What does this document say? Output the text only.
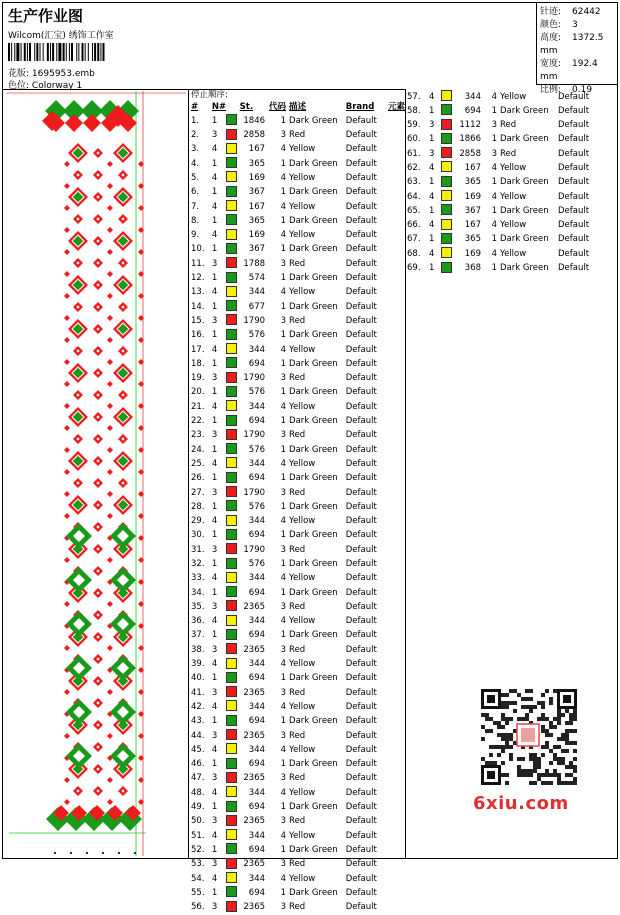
生产作业图
Wilcom(汇宝) 绣饰工作室
花版: 1695953.emb
色位: Colorway 1
针迹: 62442
颜色: 3
高度: 1372.5 mm
宽度: 192.4 mm
比例: 0.19
停止顺序:
#	N#		St.	代码	描述	Brand	元素
1.	1		1846	1	Dark Green	Default	
2.	3		2858	3	Red	Default	
3.	4		167	4	Yellow	Default	
4.	1		365	1	Dark Green	Default	
5.	4		169	4	Yellow	Default	
6.	1		367	1	Dark Green	Default	
7.	4		167	4	Yellow	Default	
8.	1		365	1	Dark Green	Default	
9.	4		169	4	Yellow	Default	
10.	1		367	1	Dark Green	Default	
11.	3		1788	3	Red	Default	
12.	1		574	1	Dark Green	Default	
13.	4		344	4	Yellow	Default	
14.	1		677	1	Dark Green	Default	
15.	3		1790	3	Red	Default	
16.	1		576	1	Dark Green	Default	
17.	4		344	4	Yellow	Default	
18.	1		694	1	Dark Green	Default	
19.	3		1790	3	Red	Default	
20.	1		576	1	Dark Green	Default	
21.	4		344	4	Yellow	Default	
22.	1		694	1	Dark Green	Default	
23.	3		1790	3	Red	Default	
24.	1		576	1	Dark Green	Default	
25.	4		344	4	Yellow	Default	
26.	1		694	1	Dark Green	Default	
27.	3		1790	3	Red	Default	
28.	1		576	1	Dark Green	Default	
29.	4		344	4	Yellow	Default	
30.	1		694	1	Dark Green	Default	
31.	3		1790	3	Red	Default	
32.	1		576	1	Dark Green	Default	
33.	4		344	4	Yellow	Default	
34.	1		694	1	Dark Green	Default	
35.	3		2365	3	Red	Default	
36.	4		344	4	Yellow	Default	
37.	1		694	1	Dark Green	Default	
38.	3		2365	3	Red	Default	
39.	4		344	4	Yellow	Default	
40.	1		694	1	Dark Green	Default	
41.	3		2365	3	Red	Default	
42.	4		344	4	Yellow	Default	
43.	1		694	1	Dark Green	Default	
44.	3		2365	3	Red	Default	
45.	4		344	4	Yellow	Default	
46.	1		694	1	Dark Green	Default	
47.	3		2365	3	Red	Default	
48.	4		344	4	Yellow	Default	
49.	1		694	1	Dark Green	Default	
50.	3		2365	3	Red	Default	
51.	4		344	4	Yellow	Default	
52.	1		694	1	Dark Green	Default	
53.	3		2365	3	Red	Default	
54.	4		344	4	Yellow	Default	
55.	1		694	1	Dark Green	Default	
56.	3		2365	3	Red	Default	
57.	4		344	4	Yellow	Default
58.	1		694	1	Dark Green	Default
59.	3		1112	3	Red	Default
60.	1		1866	1	Dark Green	Default
61.	3		2858	3	Red	Default
62.	4		167	4	Yellow	Default
63.	1		365	1	Dark Green	Default
64.	4		169	4	Yellow	Default
65.	1		367	1	Dark Green	Default
66.	4		167	4	Yellow	Default
67.	1		365	1	Dark Green	Default
68.	4		169	4	Yellow	Default
69.	1		368	1	Dark Green	Default
6xiu.com
